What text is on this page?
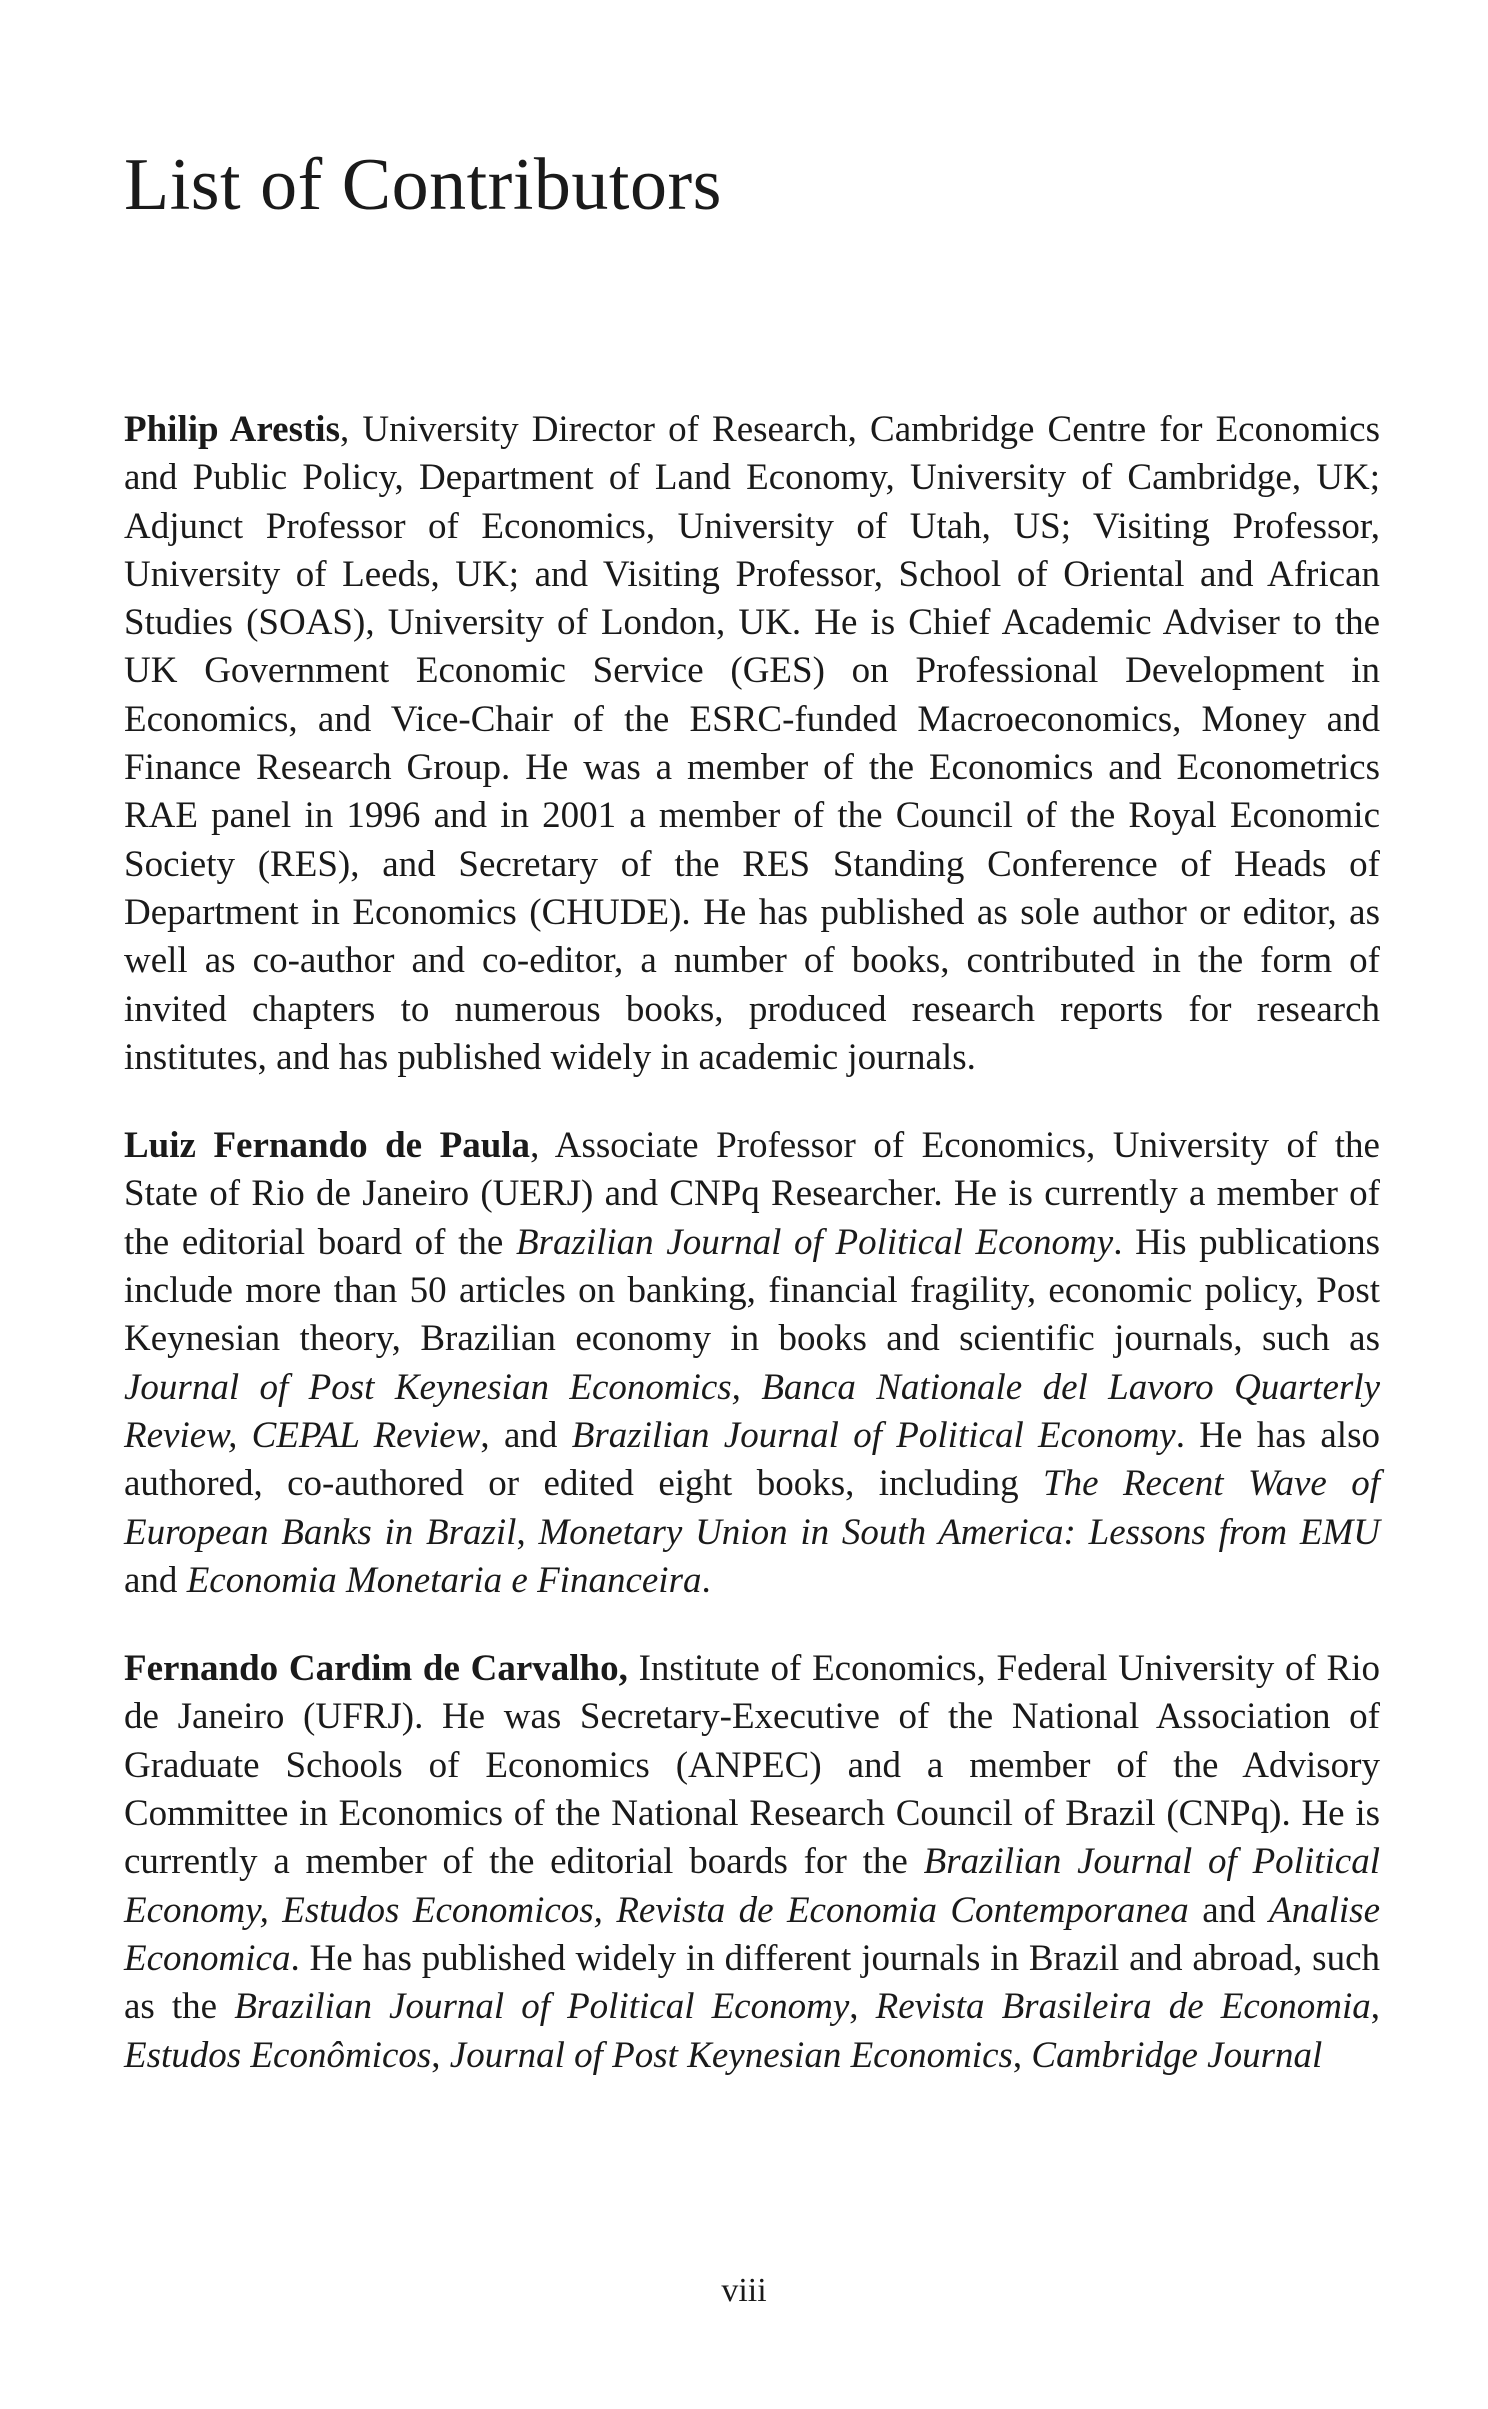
List of Contributors

Philip Arestis, University Director of Research, Cambridge Centre for Economics and Public Policy, Department of Land Economy, University of Cambridge, UK; Adjunct Professor of Economics, University of Utah, US; Visiting Professor, University of Leeds, UK; and Visiting Professor, School of Oriental and African Studies (SOAS), University of London, UK. He is Chief Academic Adviser to the UK Government Economic Service (GES) on Professional Development in Economics, and Vice-Chair of the ESRC-funded Macroeconomics, Money and Finance Research Group. He was a member of the Economics and Econometrics RAE panel in 1996 and in 2001 a member of the Council of the Royal Economic Society (RES), and Secretary of the RES Standing Conference of Heads of Department in Economics (CHUDE). He has published as sole author or editor, as well as co-author and co-editor, a number of books, contributed in the form of invited chapters to numerous books, produced research reports for research institutes, and has published widely in academic journals.

Luiz Fernando de Paula, Associate Professor of Economics, University of the State of Rio de Janeiro (UERJ) and CNPq Researcher. He is currently a member of the editorial board of the Brazilian Journal of Political Economy. His publications include more than 50 articles on banking, financial fragility, economic policy, Post Keynesian theory, Brazilian economy in books and scientific journals, such as Journal of Post Keynesian Economics, Banca Nationale del Lavoro Quarterly Review, CEPAL Review, and Brazilian Journal of Political Economy. He has also authored, co-authored or edited eight books, including The Recent Wave of European Banks in Brazil, Monetary Union in South America: Lessons from EMU and Economia Monetaria e Financeira.

Fernando Cardim de Carvalho, Institute of Economics, Federal University of Rio de Janeiro (UFRJ). He was Secretary-Executive of the National Association of Graduate Schools of Economics (ANPEC) and a member of the Advisory Committee in Economics of the National Research Council of Brazil (CNPq). He is currently a member of the editorial boards for the Brazilian Journal of Political Economy, Estudos Economicos, Revista de Economia Contemporanea and Analise Economica. He has published widely in different journals in Brazil and abroad, such as the Brazilian Journal of Political Economy, Revista Brasileira de Economia, Estudos Econômicos, Journal of Post Keynesian Economics, Cambridge Journal

viii
